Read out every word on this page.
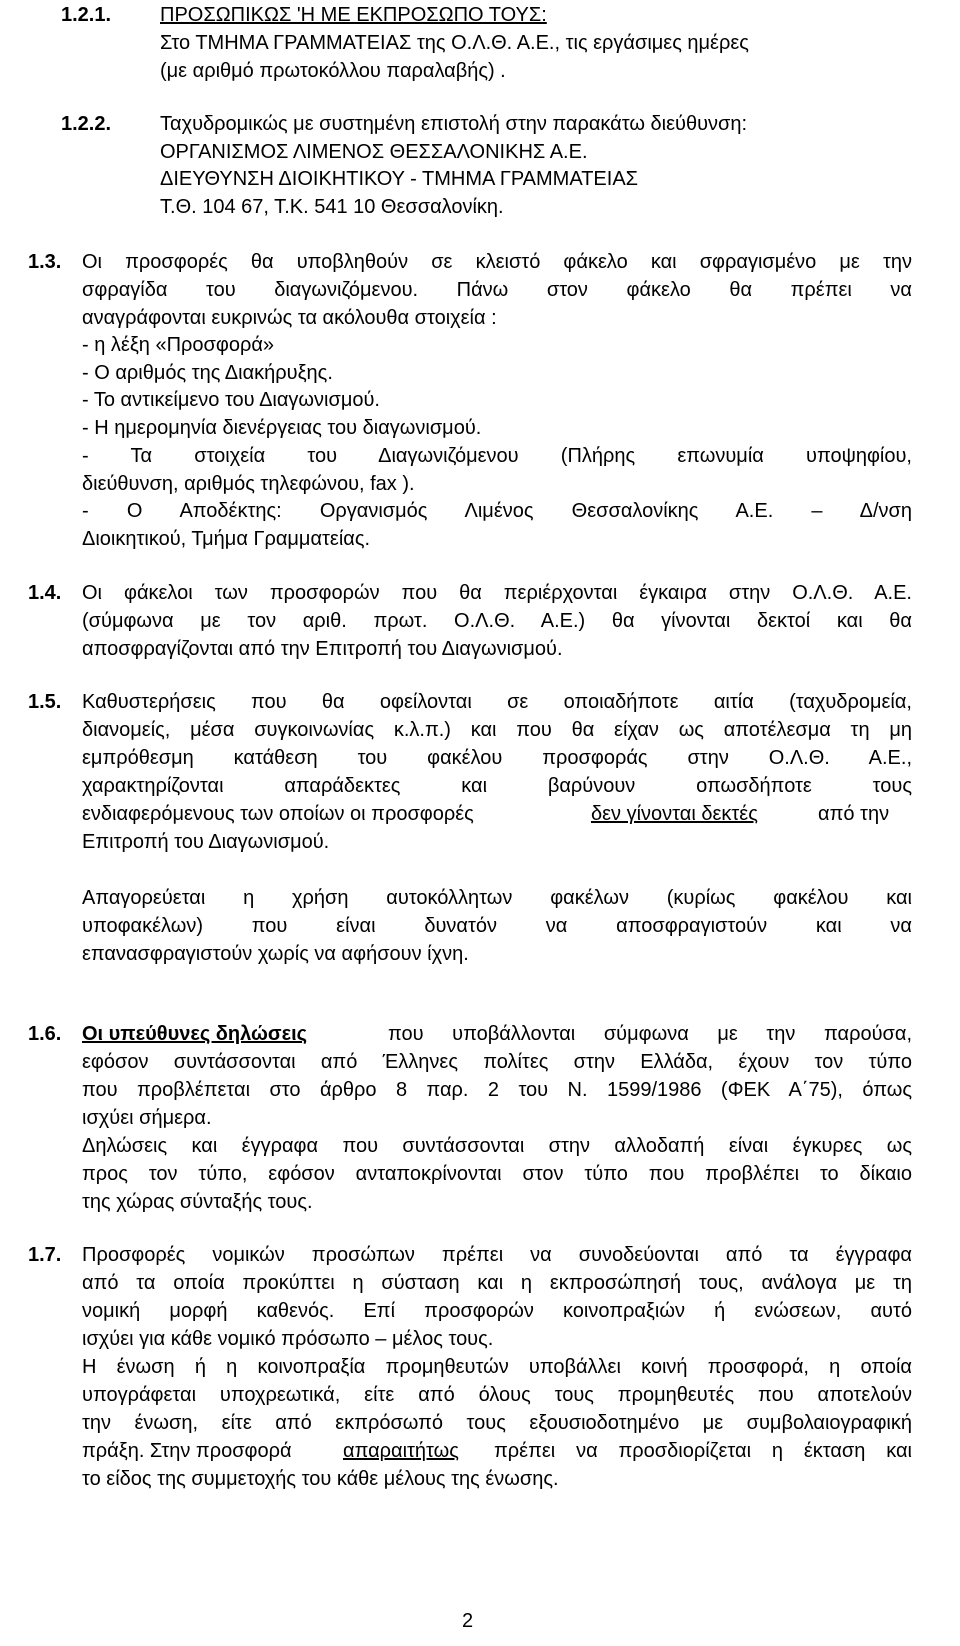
1.2.1. ΠΡΟΣΩΠΙΚΩΣ 'Η ΜΕ ΕΚΠΡΟΣΩΠΟ ΤΟΥΣ:
Στο ΤΜΗΜΑ ΓΡΑΜΜΑΤΕΙΑΣ της Ο.Λ.Θ. Α.Ε., τις εργάσιμες ημέρες
(με αριθμό πρωτοκόλλου παραλαβής) .
1.2.2. Ταχυδρομικώς με συστημένη επιστολή στην παρακάτω διεύθυνση:
ΟΡΓΑΝΙΣΜΟΣ ΛΙΜΕΝΟΣ ΘΕΣΣΑΛΟΝΙΚΗΣ Α.Ε.
ΔΙΕΥΘΥΝΣΗ ΔΙΟΙΚΗΤΙΚΟΥ - ΤΜΗΜΑ ΓΡΑΜΜΑΤΕΙΑΣ
Τ.Θ. 104 67, Τ.Κ. 541 10 Θεσσαλονίκη.
1.3. Οι προσφορές θα υποβληθούν σε κλειστό φάκελο και σφραγισμένο με την
σφραγίδα του διαγωνιζόμενου. Πάνω στον φάκελο θα πρέπει να
αναγράφονται ευκρινώς τα ακόλουθα στοιχεία :
- η λέξη «Προσφορά»
- Ο αριθμός της Διακήρυξης.
- Το αντικείμενο του Διαγωνισμού.
- Η ημερομηνία διενέργειας του διαγωνισμού.
- Τα στοιχεία του Διαγωνιζόμενου (Πλήρης επωνυμία υποψηφίου,
διεύθυνση, αριθμός τηλεφώνου, fax ).
- Ο Αποδέκτης: Οργανισμός Λιμένος Θεσσαλονίκης Α.Ε. – Δ/νση
Διοικητικού, Τμήμα Γραμματείας.
1.4. Οι φάκελοι των προσφορών που θα περιέρχονται έγκαιρα στην Ο.Λ.Θ. Α.Ε.
(σύμφωνα με τον αριθ. πρωτ. Ο.Λ.Θ. Α.Ε.) θα γίνονται δεκτοί και θα
αποσφραγίζονται από την Επιτροπή του Διαγωνισμού.
1.5. Καθυστερήσεις που θα οφείλονται σε οποιαδήποτε αιτία (ταχυδρομεία,
διανομείς, μέσα συγκοινωνίας κ.λ.π.) και που θα είχαν ως αποτέλεσμα τη μη
εμπρόθεσμη κατάθεση του φακέλου προσφοράς στην Ο.Λ.Θ. Α.Ε.,
χαρακτηρίζονται απαράδεκτες και βαρύνουν οπωσδήποτε τους
ενδιαφερόμενους των οποίων οι προσφορές	δεν γίνονται δεκτές	από την
Επιτροπή του Διαγωνισμού.
Απαγορεύεται η χρήση αυτοκόλλητων φακέλων (κυρίως φακέλου και
υποφακέλων) που είναι δυνατόν να αποσφραγιστούν και να
επανασφραγιστούν χωρίς να αφήσουν ίχνη.
1.6. Οι υπεύθυνες δηλώσεις	που υποβάλλονται σύμφωνα με την παρούσα,
εφόσον συντάσσονται από Έλληνες πολίτες στην Ελλάδα, έχουν τον τύπο
που προβλέπεται στο άρθρο 8 παρ. 2 του Ν. 1599/1986 (ΦΕΚ Α΄75), όπως
ισχύει σήμερα.
Δηλώσεις και έγγραφα που συντάσσονται στην αλλοδαπή είναι έγκυρες ως
προς τον τύπο, εφόσον ανταποκρίνονται στον τύπο που προβλέπει το δίκαιο
της χώρας σύνταξής τους.
1.7. Προσφορές νομικών προσώπων πρέπει να συνοδεύονται από τα έγγραφα
από τα οποία προκύπτει η σύσταση και η εκπροσώπησή τους, ανάλογα με τη
νομική μορφή καθενός. Επί προσφορών κοινοπραξιών ή ενώσεων, αυτό
ισχύει για κάθε νομικό πρόσωπο – μέλος τους.
Η ένωση ή η κοινοπραξία προμηθευτών υποβάλλει κοινή προσφορά, η οποία
υπογράφεται υποχρεωτικά, είτε από όλους τους προμηθευτές που αποτελούν
την ένωση, είτε από εκπρόσωπό τους εξουσιοδοτημένο με συμβολαιογραφική
πράξη. Στην προσφορά	απαραιτήτως πρέπει να προσδιορίζεται η έκταση και
το είδος της συμμετοχής του κάθε μέλους της ένωσης.
2
